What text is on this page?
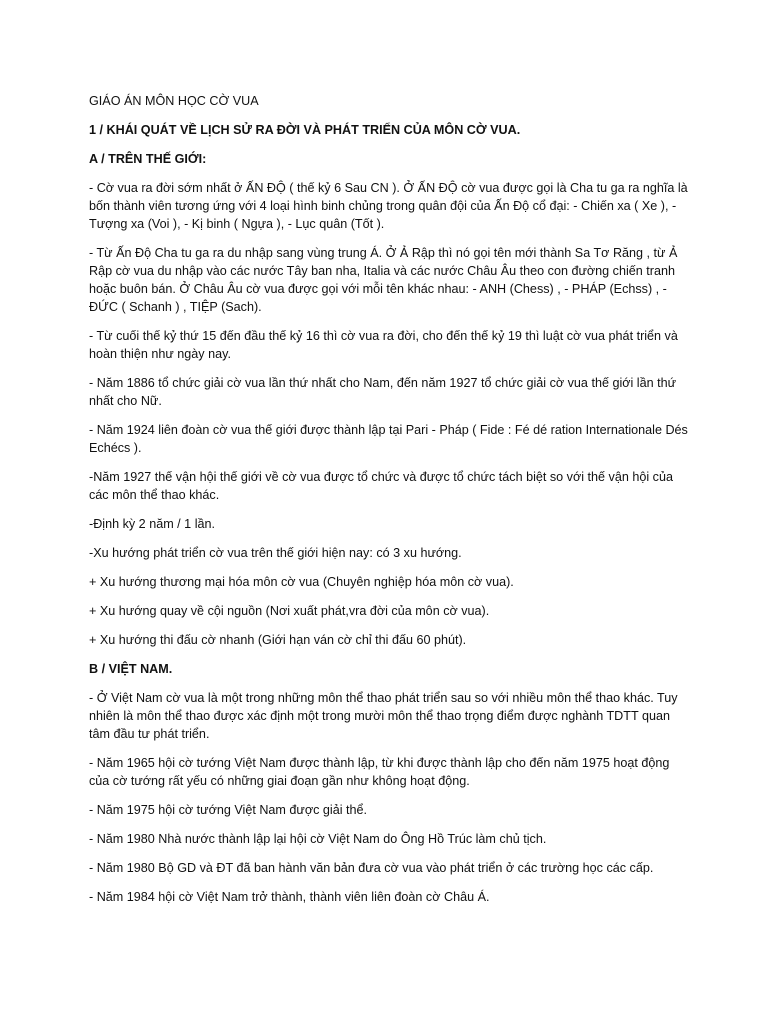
GIÁO ÁN MÔN HỌC CỜ VUA

1 / KHÁI QUÁT VỀ LỊCH SỬ RA ĐỜI VÀ PHÁT TRIỂN CỦA MÔN CỜ VUA.

A / TRÊN THẾ GIỚI:

- Cờ vua ra đời sớm nhất ở ẤN ĐỘ ( thế kỷ 6 Sau CN ). Ở ẤN ĐỘ cờ vua được gọi là Cha tu ga ra nghĩa là bốn thành viên tương ứng với 4 loại hình binh chủng trong quân đội của Ấn Độ cổ đại: - Chiến xa ( Xe ), - Tượng xa (Voi ), - Kị binh ( Ngựa ), - Lục quân (Tốt ).

- Từ Ấn Độ Cha tu ga ra du nhập sang vùng trung Á. Ở Ả Rập thì nó gọi tên mới thành Sa Tơ Răng , từ Ả Rập cờ vua du nhập vào các nước Tây ban nha, Italia và các nước Châu Âu theo con đường chiến tranh hoặc buôn bán. Ở Châu Âu cờ vua được gọi với mỗi tên khác nhau: - ANH (Chess) , - PHÁP (Echss) , - ĐỨC ( Schanh ) , TIỆP (Sach).

- Từ cuối thế kỷ thứ 15 đến đầu thế kỷ 16 thì cờ vua ra đời, cho đến thế kỷ 19 thì luật cờ vua phát triển và hoàn thiện như ngày nay.

- Năm 1886 tổ chức giải cờ vua lần thứ nhất cho Nam, đến năm 1927 tổ chức giải cờ vua thế giới lần thứ nhất cho Nữ.

- Năm 1924 liên đoàn cờ vua thế giới được thành lập tại Pari - Pháp ( Fide : Fé dé ration Internationale Dés Echécs ).

-Năm 1927 thế vận hội thế giới về cờ vua được tổ chức và được tổ chức tách biệt so với thế vận hội của các môn thể thao khác.

-Định kỳ 2 năm / 1 lần.

-Xu hướng phát triển cờ vua trên thế giới hiện nay: có 3 xu hướng.

+ Xu hướng thương mại hóa môn cờ vua (Chuyên nghiệp hóa môn cờ vua).

+ Xu hướng quay về cội nguồn (Nơi xuất phát,vra đời của môn cờ vua).

+ Xu hướng thi đấu cờ nhanh (Giới hạn ván cờ chỉ thi đấu 60 phút).

B / VIỆT NAM.

- Ở Việt Nam cờ vua là một trong những môn thể thao phát triển sau so với nhiều môn thể thao khác. Tuy nhiên là môn thể thao được xác định một trong mười môn thể thao trọng điểm được nghành TDTT quan tâm đầu tư phát triển.

- Năm 1965 hội cờ tướng Việt Nam được thành lập, từ khi được thành lập cho đến năm 1975 hoạt động của cờ tướng rất yếu có những giai đoạn gần như không hoạt động.

- Năm 1975 hội cờ tướng Việt Nam được giải thể.

- Năm 1980 Nhà nước thành lập lại hội cờ Việt Nam do Ông Hồ Trúc làm chủ tịch.

- Năm 1980 Bộ GD và ĐT đã ban hành văn bản đưa cờ vua vào phát triển ở các trường học các cấp.

- Năm 1984 hội cờ Việt Nam trở thành, thành viên liên đoàn cờ Châu Á.
